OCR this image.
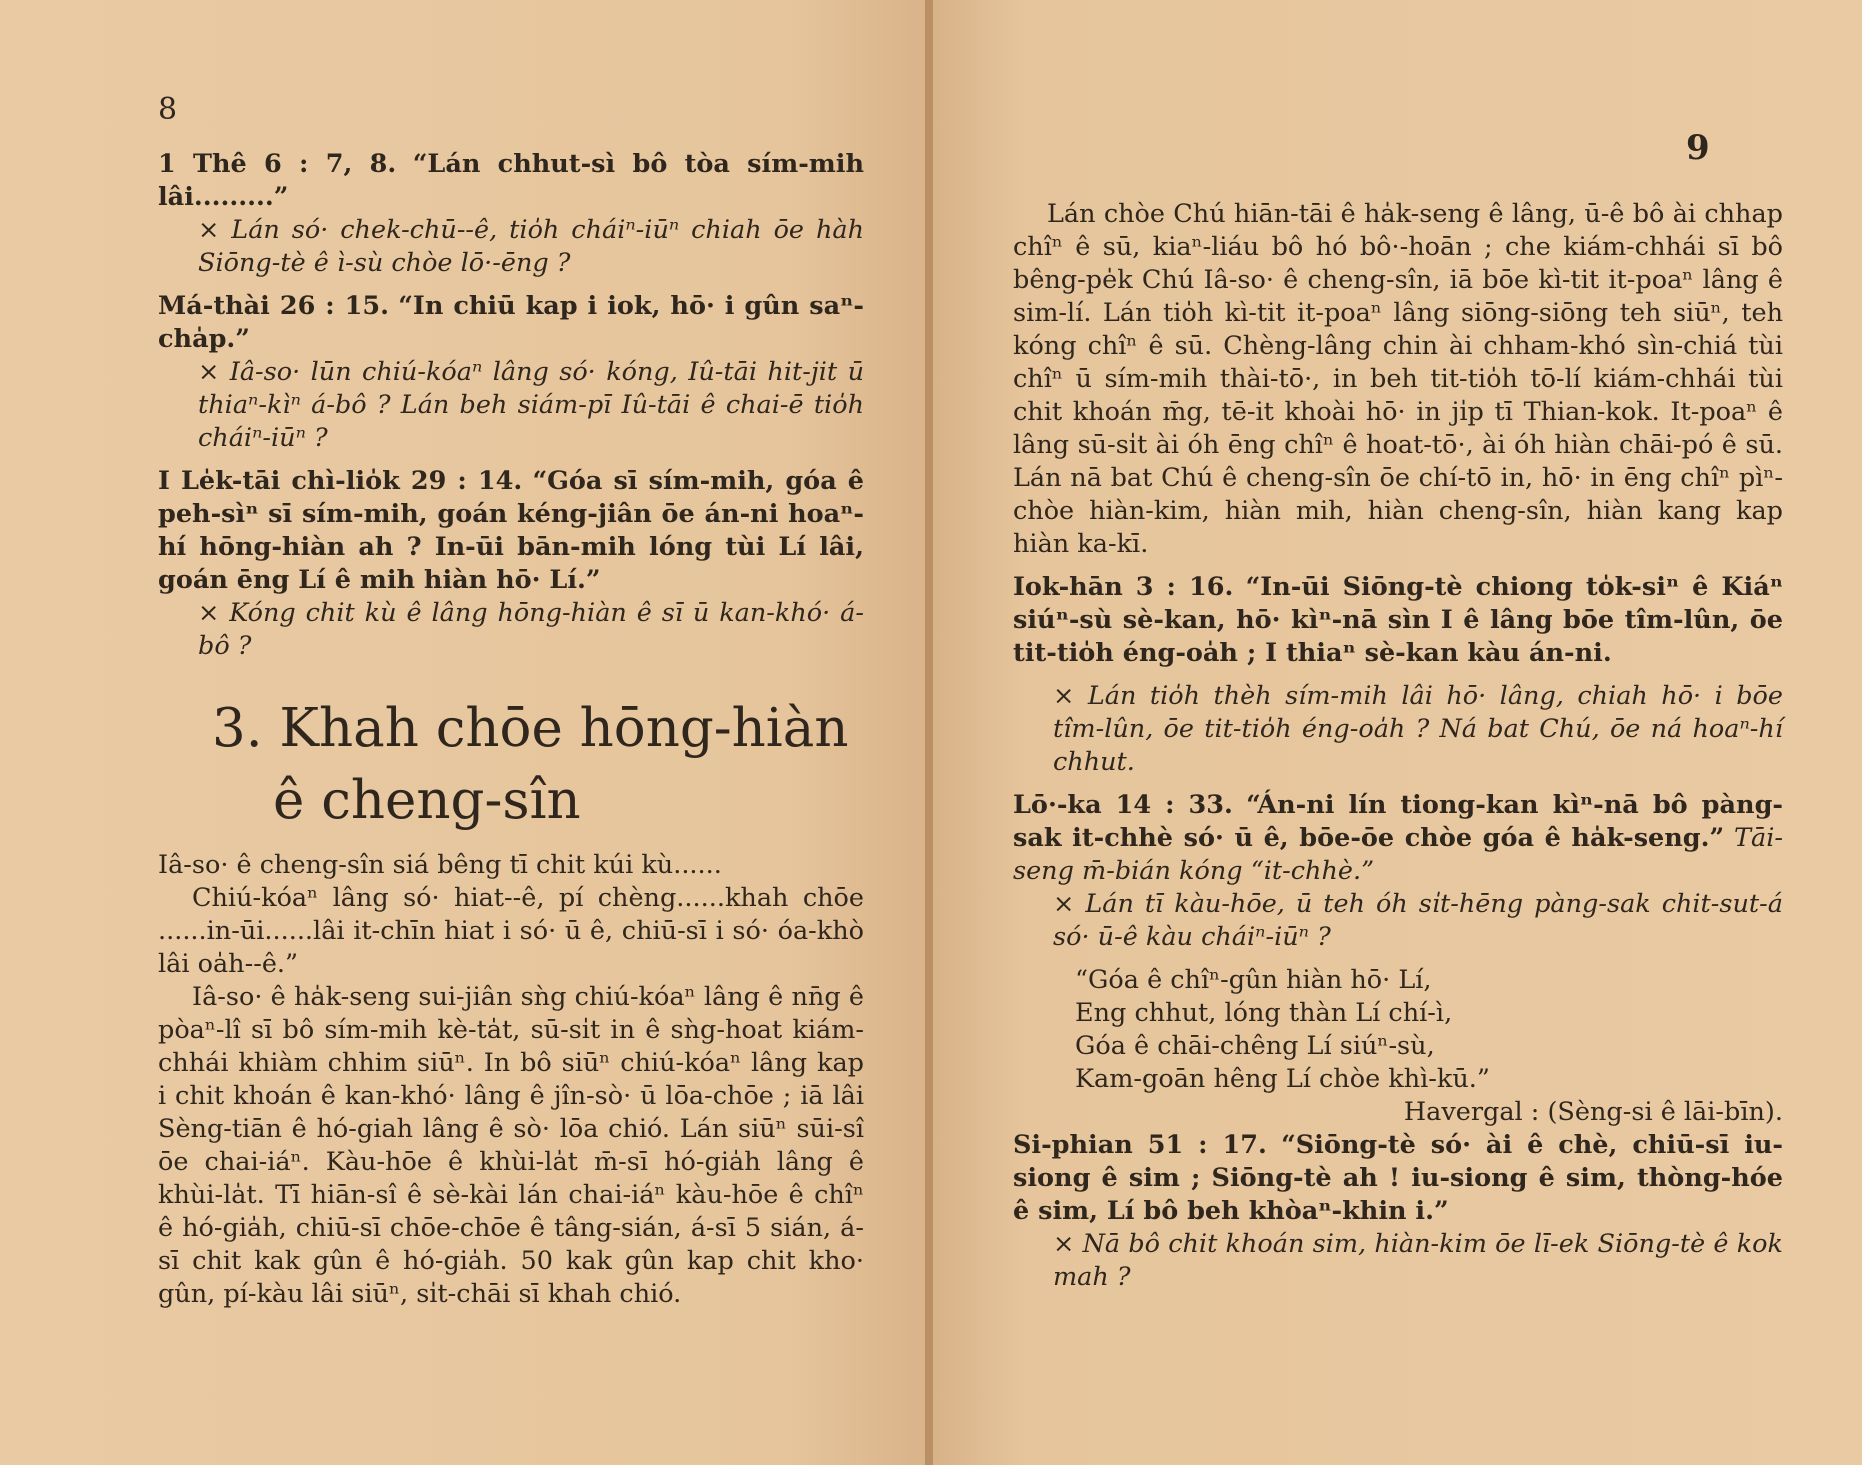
8

1 Thê 6 : 7, 8. “Lán chhut-sì bô tòa sím-mih lâi.........”

× Lán só· chek-chū--ê, tio̍h cháiⁿ-iūⁿ chiah ōe hàh Siōng-tè ê ì-sù chòe lō·-ēng ?

Má-thài 26 : 15. “In chiū kap i iok, hō· i gûn saⁿ-cha̍p.”

× Iâ-so· lūn chiú-kóaⁿ lâng só· kóng, Iû-tāi hit-jit ū thiaⁿ-kìⁿ á-bô ? Lán beh siám-pī Iû-tāi ê chai-ē tio̍h cháiⁿ-iūⁿ ?

I Le̍k-tāi chì-lio̍k 29 : 14. “Góa sī sím-mih, góa ê peh-sìⁿ sī sím-mih, goán kéng-jiân ōe án-ni hoaⁿ-hí hōng-hiàn ah ? In-ūi bān-mih lóng tùi Lí lâi, goán ēng Lí ê mih hiàn hō· Lí.”

× Kóng chit kù ê lâng hōng-hiàn ê sī ū kan-khó· á-bô ?

3. Khah chōe hōng-hiàn
ê cheng-sîn

Iâ-so· ê cheng-sîn siá bêng tī chit kúi kù......

Chiú-kóaⁿ lâng só· hiat--ê, pí chèng......khah chōe ......in-ūi......lâi it-chīn hiat i só· ū ê, chiū-sī i só· óa-khò lâi oa̍h--ê.”

Iâ-so· ê ha̍k-seng sui-jiân sǹg chiú-kóaⁿ lâng ê nn̄g ê pòaⁿ-lî sī bô sím-mih kè-ta̍t, sū-si̍t in ê sǹg-hoat kiám-chhái khiàm chhim siūⁿ. In bô siūⁿ chiú-kóaⁿ lâng kap i chit khoán ê kan-khó· lâng ê jîn-sò· ū lōa-chōe ; iā lâi Sèng-tiān ê hó-giah lâng ê sò· lōa chió. Lán siūⁿ sūi-sî ōe chai-iáⁿ. Kàu-hōe ê khùi-la̍t m̄-sī hó-gia̍h lâng ê khùi-la̍t. Tī hiān-sî ê sè-kài lán chai-iáⁿ kàu-hōe ê chîⁿ ê hó-gia̍h, chiū-sī chōe-chōe ê tâng-sián, á-sī 5 sián, á-sī chit kak gûn ê hó-gia̍h. 50 kak gûn kap chit kho· gûn, pí-kàu lâi siūⁿ, si̍t-chāi sī khah chió.

9

Lán chòe Chú hiān-tāi ê ha̍k-seng ê lâng, ū-ê bô ài chhap chîⁿ ê sū, kiaⁿ-liáu bô hó bô·-hoān ; che kiám-chhái sī bô bêng-pe̍k Chú Iâ-so· ê cheng-sîn, iā bōe kì-tit it-poaⁿ lâng ê sim-lí. Lán tio̍h kì-tit it-poaⁿ lâng siōng-siōng teh siūⁿ, teh kóng chîⁿ ê sū. Chèng-lâng chin ài chham-khó sìn-chiá tùi chîⁿ ū sím-mih thài-tō·, in beh tit-tio̍h tō-lí kiám-chhái tùi chit khoán m̄g, tē-it khoài hō· in ji̍p tī Thian-kok. It-poaⁿ ê lâng sū-si̍t ài óh ēng chîⁿ ê hoat-tō·, ài óh hiàn chāi-pó ê sū. Lán nā bat Chú ê cheng-sîn ōe chí-tō in, hō· in ēng chîⁿ pìⁿ-chòe hiàn-kim, hiàn mih, hiàn cheng-sîn, hiàn kang kap hiàn ka-kī.

Iok-hān 3 : 16. “In-ūi Siōng-tè chiong to̍k-siⁿ ê Kiáⁿ siúⁿ-sù sè-kan, hō· kìⁿ-nā sìn I ê lâng bōe tîm-lûn, ōe tit-tio̍h éng-oa̍h ; I thiaⁿ sè-kan kàu án-ni.

× Lán tio̍h thèh sím-mih lâi hō· lâng, chiah hō· i bōe tîm-lûn, ōe tit-tio̍h éng-oa̍h ? Ná bat Chú, ōe ná hoaⁿ-hí chhut.

Lō·-ka 14 : 33. “Án-ni lín tiong-kan kìⁿ-nā bô pàng-sak it-chhè só· ū ê, bōe-ōe chòe góa ê ha̍k-seng.” Tāi-seng m̄-bián kóng “it-chhè.”

× Lán tī kàu-hōe, ū teh óh si̍t-hēng pàng-sak chit-sut-á só· ū-ê kàu cháiⁿ-iūⁿ ?

“Góa ê chîⁿ-gûn hiàn hō· Lí,
Eng chhut, lóng thàn Lí chí-ì,
Góa ê chāi-chêng Lí siúⁿ-sù,
Kam-goān hêng Lí chòe khì-kū.”
Havergal : (Sèng-si ê lāi-bīn).

Si-phian 51 : 17. “Siōng-tè só· ài ê chè, chiū-sī iu-siong ê sim ; Siōng-tè ah ! iu-siong ê sim, thòng-hóe ê sim, Lí bô beh khòaⁿ-khin i.”

× Nā bô chit khoán sim, hiàn-kim ōe lī-ek Siōng-tè ê kok mah ?
